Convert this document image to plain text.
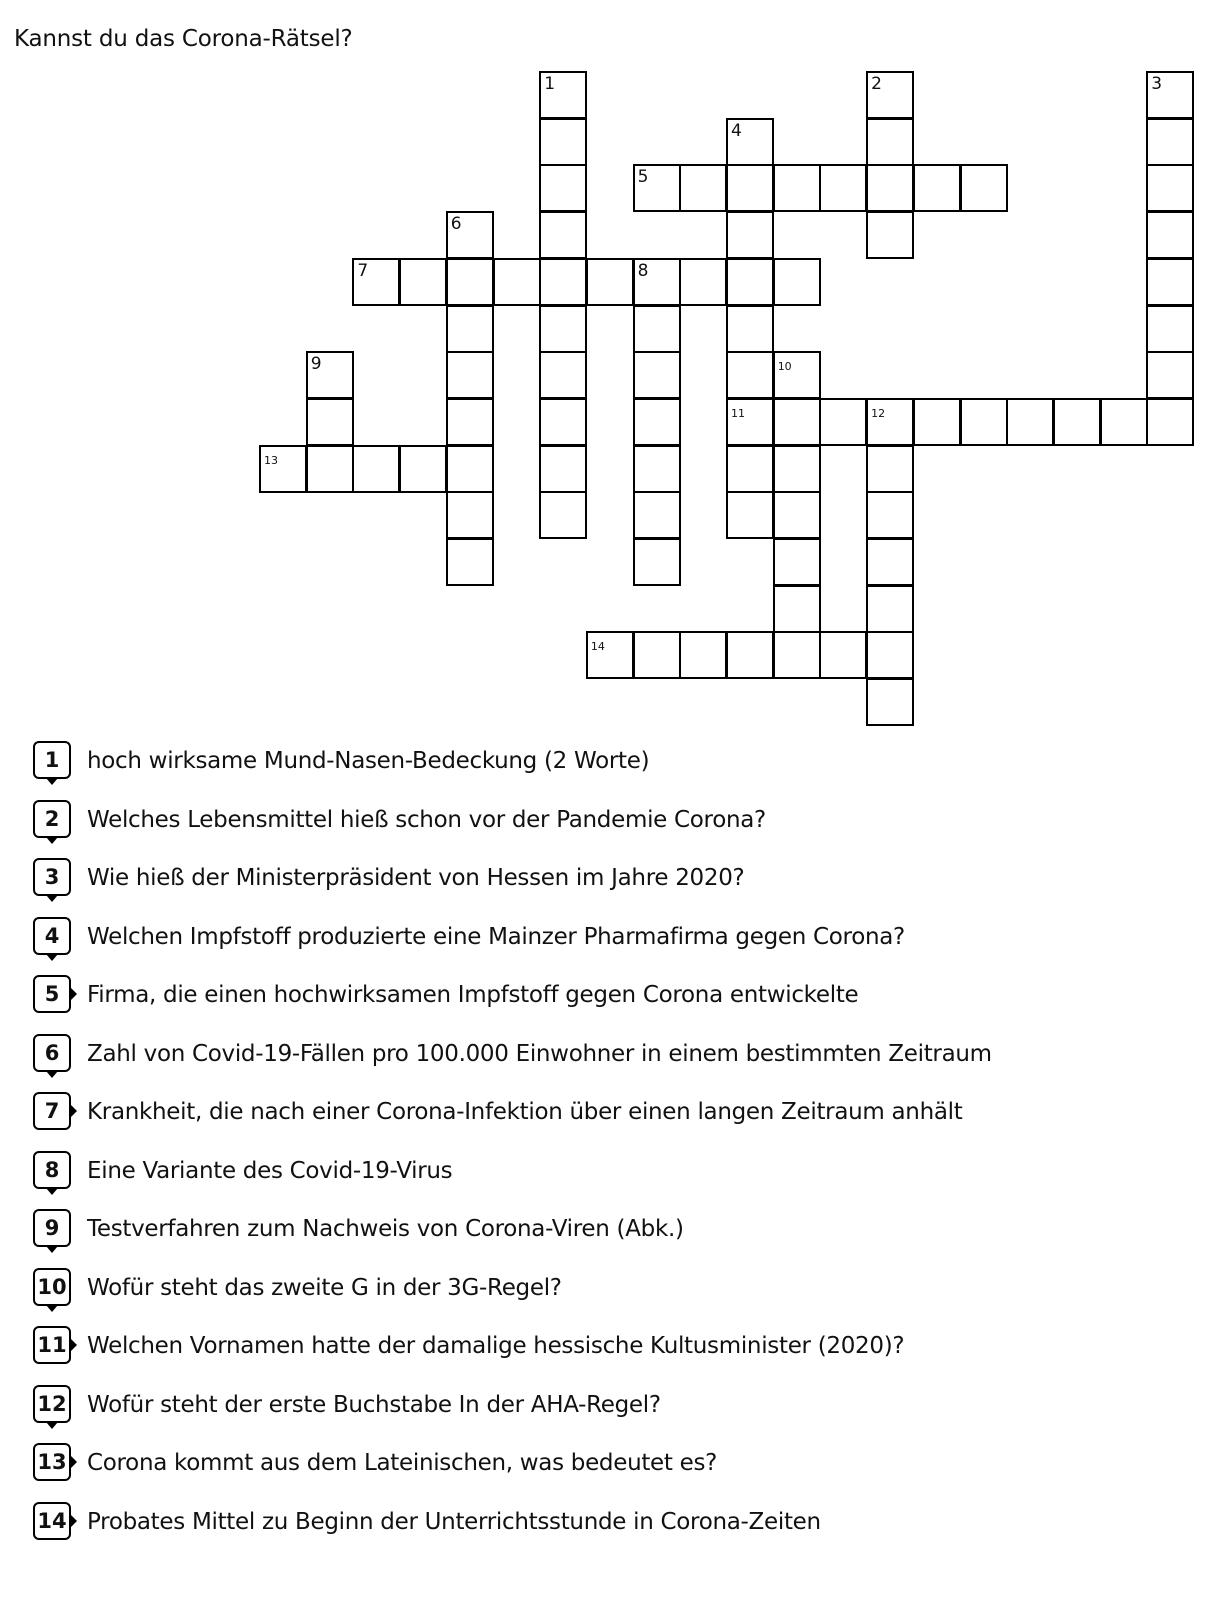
Kannst du das Corona-Rätsel?
1	2	3
4
11
5
6
7	8
9	10
12
13
14
1 hoch wirksame Mund-Nasen-Bedeckung (2 Worte)
2 Welches Lebensmittel hieß schon vor der Pandemie Corona?
3 Wie hieß der Ministerpräsident von Hessen im Jahre 2020?
4 Welchen Impfstoff produzierte eine Mainzer Pharmafirma gegen Corona?
5 Firma, die einen hochwirksamen Impfstoff gegen Corona entwickelte
6 Zahl von Covid-19-Fällen pro 100.000 Einwohner in einem bestimmten Zeitraum
7 Krankheit, die nach einer Corona-Infektion über einen langen Zeitraum anhält
8 Eine Variante des Covid-19-Virus
9 Testverfahren zum Nachweis von Corona-Viren (Abk.)
10 Wofür steht das zweite G in der 3G-Regel?
11 Welchen Vornamen hatte der damalige hessische Kultusminister (2020)?
12 Wofür steht der erste Buchstabe In der AHA-Regel?
13 Corona kommt aus dem Lateinischen, was bedeutet es?
14 Probates Mittel zu Beginn der Unterrichtsstunde in Corona-Zeiten
